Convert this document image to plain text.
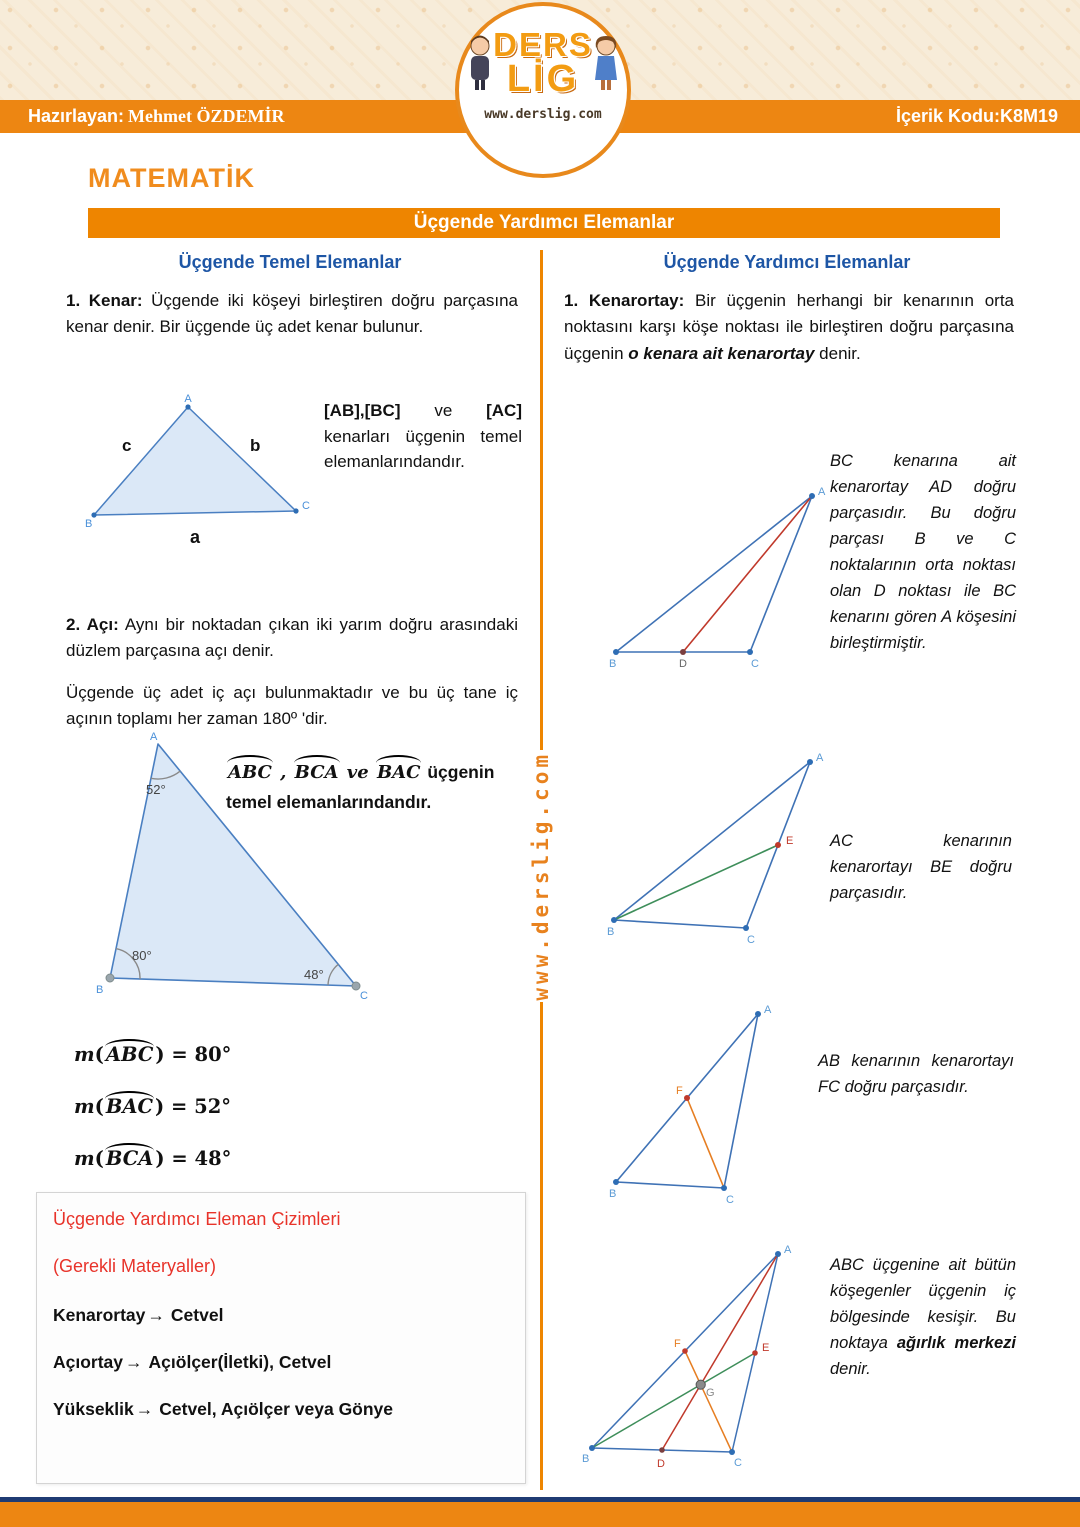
Hazırlayan: Mehmet ÖZDEMİR	İçerik Kodu:K8M19
DERS
LİG
www.derslig.com
MATEMATİK
Üçgende Yardımcı Elemanlar
Üçgende Temel Elemanlar	Üçgende Yardımcı Elemanlar
www.derslig.com
1. Kenar: Üçgende iki köşeyi birleştiren doğru parçasına kenar denir. Bir üçgende üç adet kenar bulunur.
A
B
C
c	b
a
[AB],[BC] ve [AC] kenarları üçgenin temel elemanlarındandır.
2. Açı: Aynı bir noktadan çıkan iki yarım doğru arasındaki düzlem parçasına açı denir.
Üçgende üç adet iç açı bulunmaktadır ve bu üç tane iç açının toplamı her zaman 180º 'dir.
52°
80°
48°
A
B	C
ABC , BCA ve BAC üçgenin temel elemanlarındandır.
m( ABC ) = 80°
m( BAC ) = 52°
m( BCA ) = 48°
Üçgende Yardımcı Eleman Çizimleri
(Gerekli Materyaller)
Kenarortay → Cetvel
Açıortay → Açıölçer(İletki), Cetvel
Yükseklik → Cetvel, Açıölçer veya Gönye
1. Kenarortay: Bir üçgenin herhangi bir kenarının orta noktasını karşı köşe noktası ile birleştiren doğru parçasına üçgenin o kenara ait kenarortay denir.
A
B	D	C
BC kenarına ait kenarortay AD doğru parçasıdır. Bu doğru parçası B ve C noktalarının orta noktası olan D noktası ile BC kenarını gören A köşesini birleştirmiştir.
A
B
C
E AC kenarının kenarortayı BE doğru parçasıdır.
A
B	C
F
AB kenarının kenarortayı FC doğru parçasıdır.
A
B	C
D
E
F
G
ABC üçgenine ait bütün köşegenler üçgenin iç bölgesinde kesişir. Bu noktaya ağırlık merkezi denir.
